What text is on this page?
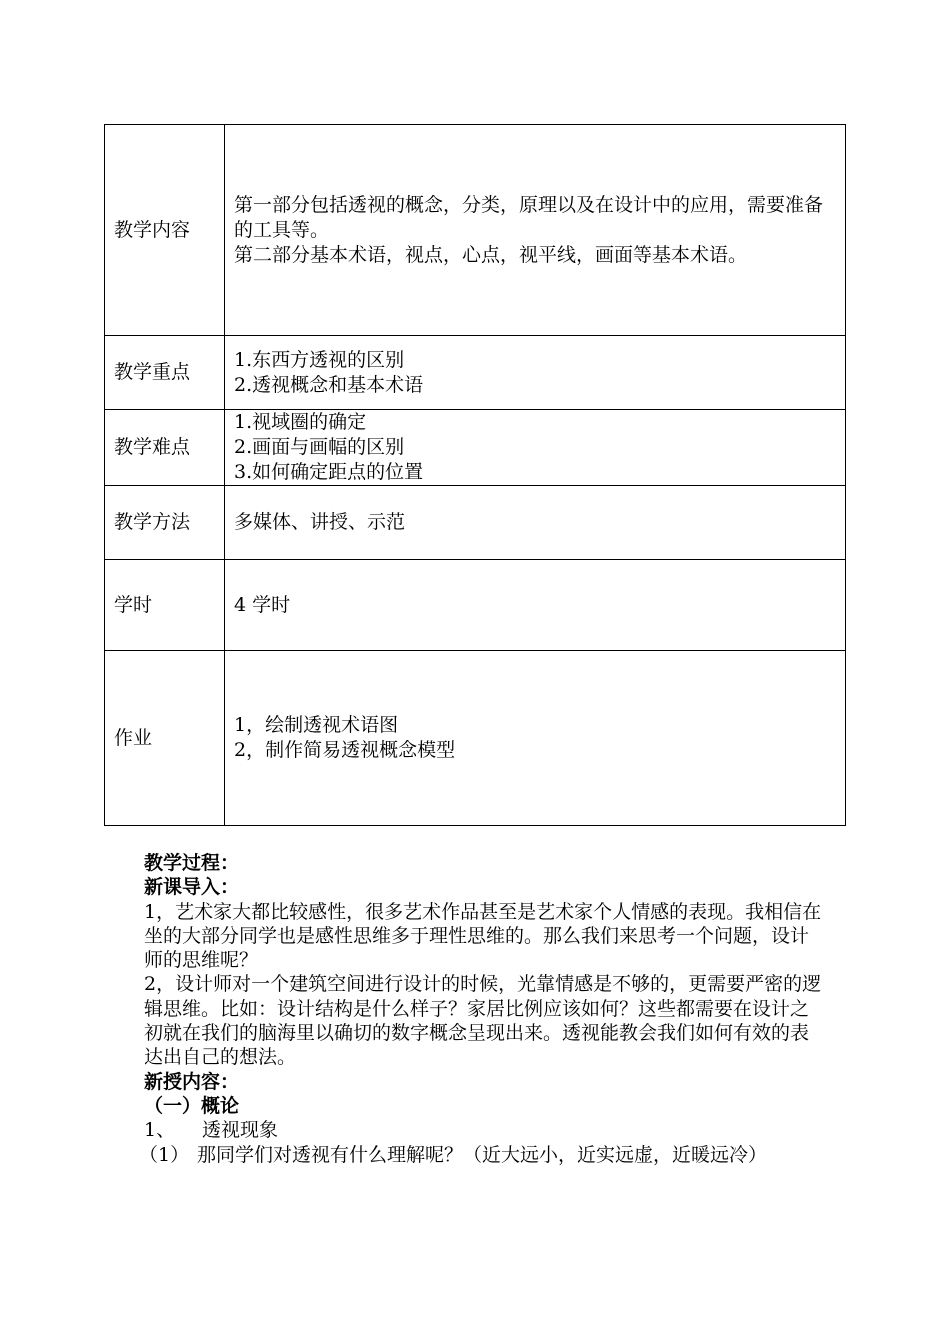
教学内容	第一部分包括透视的概念，分类，原理以及在设计中的应用，需要准备的工具等。
第二部分基本术语，视点，心点，视平线，画面等基本术语。

教学重点	1.东西方透视的区别
2.透视概念和基本术语

教学难点	1.视域圈的确定
2.画面与画幅的区别
3.如何确定距点的位置

教学方法	多媒体、讲授、示范

学时	4 学时

作业	1，绘制透视术语图
2，制作简易透视概念模型
教学过程：
新课导入：
1，艺术家大都比较感性，很多艺术作品甚至是艺术家个人情感的表现。我相信在坐的大部分同学也是感性思维多于理性思维的。那么我们来思考一个问题，设计师的思维呢？
2，设计师对一个建筑空间进行设计的时候，光靠情感是不够的，更需要严密的逻辑思维。比如：设计结构是什么样子？家居比例应该如何？这些都需要在设计之初就在我们的脑海里以确切的数字概念呈现出来。透视能教会我们如何有效的表达出自己的想法。
新授内容：
（一）概论
1、	透视现象
（1） 那同学们对透视有什么理解呢？（近大远小，近实远虚，近暖远冷）
